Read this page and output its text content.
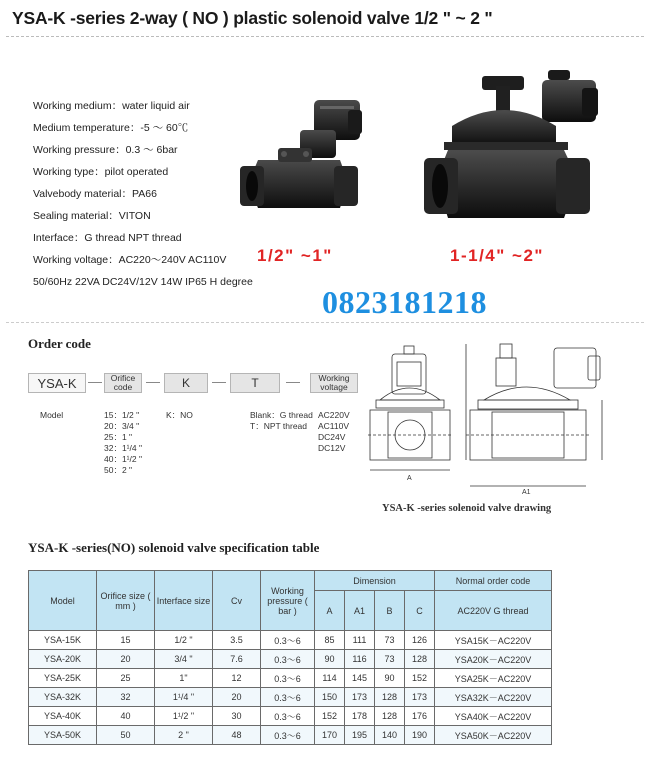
YSA-K -series 2-way ( NO ) plastic solenoid valve 1/2 " ~ 2 "
Working medium：water liquid air
Medium temperature：-5 ～ 60℃
Working pressure：0.3 ～ 6bar
Working type：pilot operated
Valvebody material：PA66
Sealing material：VITON
Interface：G thread NPT thread
Working voltage：AC220～240V AC110V
50/60Hz 22VA DC24V/12V 14W IP65 H degree
1/2" ~1"	1-1/4" ~2"
0823181218
Order code
YSA-K	Orifice code	K	T	Working voltage
Model	15：1/2 "
20：3/4 "
25：1 "
32：1¹/4 "
40：1¹/2 "
50：2 "
K：NO	Blank：G thread
T：NPT thread
AC220V
AC110V
DC24V
DC12V
A
A1
YSA-K -series solenoid valve drawing
YSA-K -series(NO) solenoid valve specification table
Model	Orifice size ( mm )	Interface size	Cv	Working pressure ( bar )	Dimension				Normal order code
					A	A1	B	C	AC220V G thread

YSA-15K	15	1/2 "	3.5	0.3～6	85	111	73	126	YSA15K－AC220V
YSA-20K	20	3/4 "	7.6	0.3～6	90	116	73	128	YSA20K－AC220V
YSA-25K	25	1"	12	0.3～6	114	145	90	152	YSA25K－AC220V
YSA-32K	32	1¹/4 "	20	0.3～6	150	173	128	173	YSA32K－AC220V
YSA-40K	40	1¹/2 "	30	0.3～6	152	178	128	176	YSA40K－AC220V
YSA-50K	50	2 "	48	0.3～6	170	195	140	190	YSA50K－AC220V
